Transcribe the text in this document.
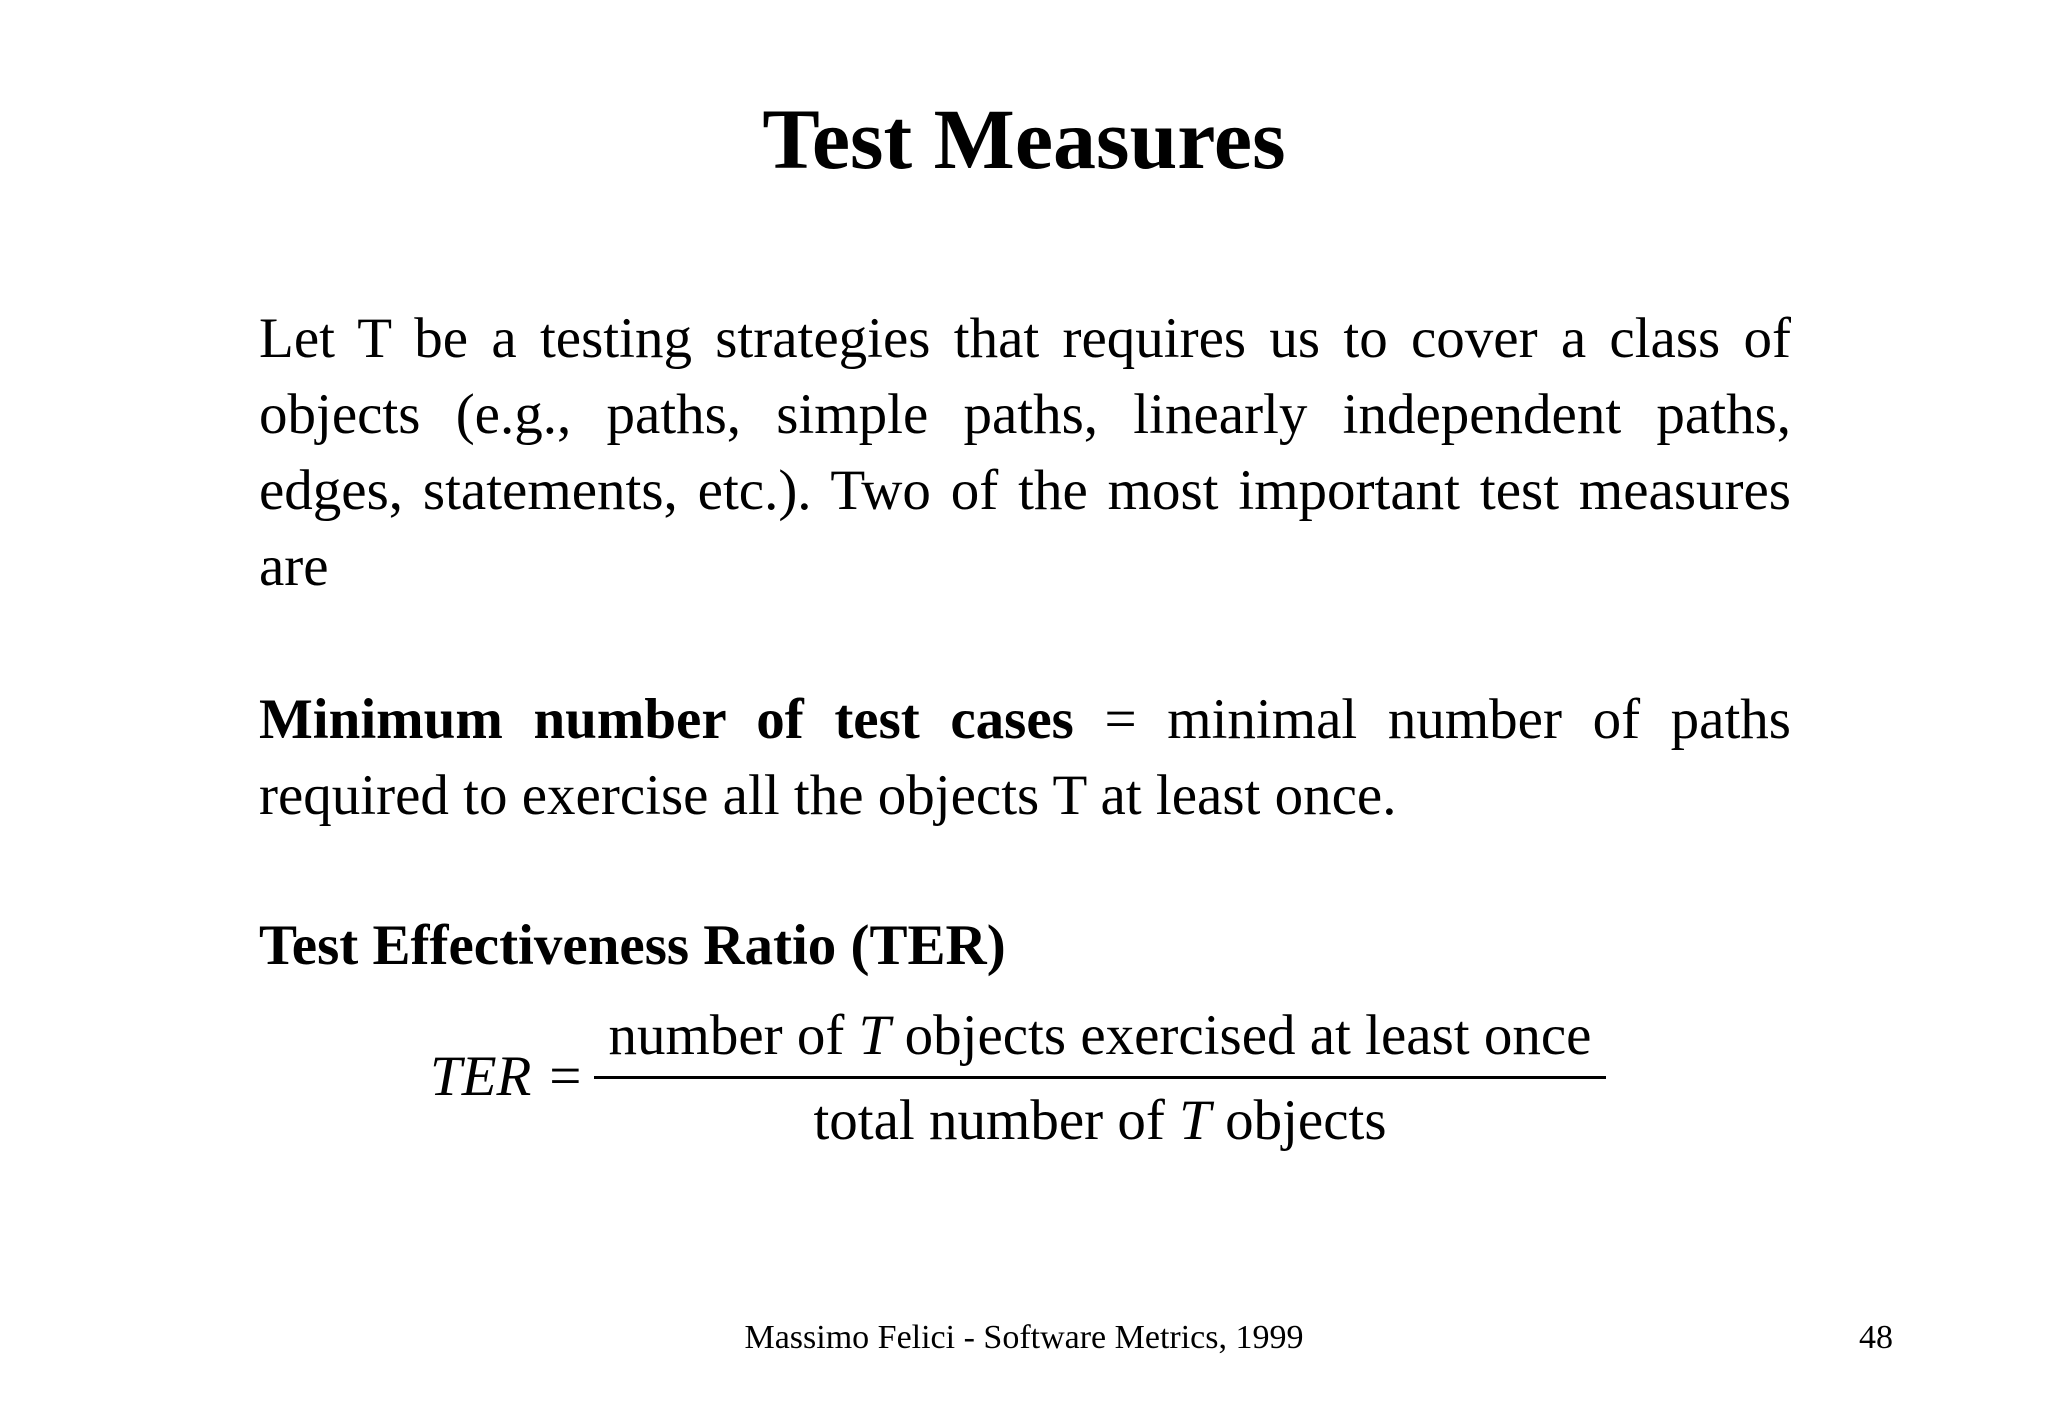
Test Measures

Let T be a testing strategies that requires us to cover a class of objects (e.g., paths, simple paths, linearly independent paths, edges, statements, etc.). Two of the most important test measures are

Minimum number of test cases = minimal number of paths required to exercise all the objects T at least once.

Test Effectiveness Ratio (TER)

TER =
number of T objects exercised at least once
total number of T objects
Massimo Felici - Software Metrics, 1999	48
